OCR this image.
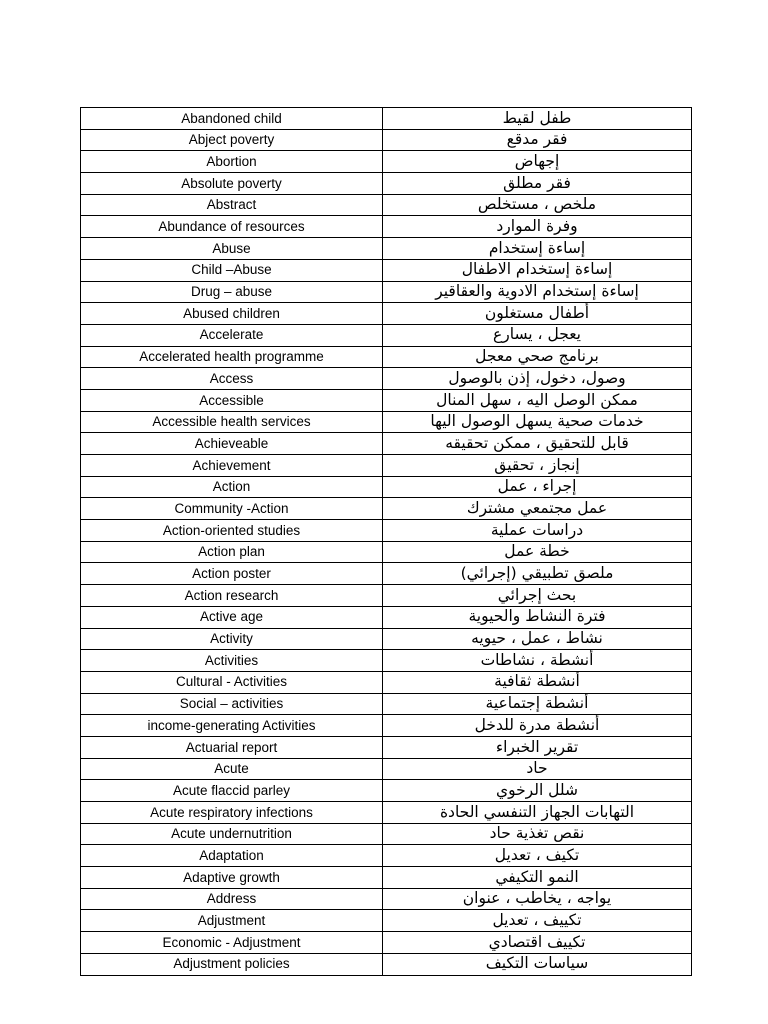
Abandoned child	طفل لقيط
Abject poverty	فقر مدقع
Abortion	إجهاض
Absolute poverty	فقر مطلق
Abstract	ملخص ، مستخلص
Abundance of resources	وفرة الموارد
Abuse	إساءة إستخدام
Child –Abuse	إساءة إستخدام الاطفال
Drug – abuse	إساءة إستخدام الادوية والعقاقير
Abused children	أطفال مستغلون
Accelerate	يعجل ، يسارع
Accelerated health programme	برنامج صحي معجل
Access	وصول، دخول، إذن بالوصول
Accessible	ممكن الوصل اليه ، سهل المنال
Accessible health services	خدمات صحية يسهل الوصول اليها
Achieveable	قابل للتحقيق ، ممكن تحقيقه
Achievement	إنجاز ، تحقيق
Action	إجراء ، عمل
Community -Action	عمل مجتمعي مشترك
Action-oriented studies	دراسات عملية
Action plan	خطة عمل
Action poster	ملصق تطبيقي (إجرائي)
Action research	بحث إجرائي
Active age	فترة النشاط والحيوية
Activity	نشاط ، عمل ، حيويه
Activities	أنشطة ، نشاطات
Cultural - Activities	أنشطة ثقافية
Social – activities	أنشطة إجتماعية
income-generating Activities	أنشطة مدرة للدخل
Actuarial report	تقرير الخبراء
Acute	حاد
Acute flaccid parley	شلل الرخوي
Acute respiratory infections	التهابات الجهاز التنفسي الحادة
Acute undernutrition	نقص تغذية حاد
Adaptation	تكيف ، تعديل
Adaptive growth	النمو التكيفي
Address	يواجه ، يخاطب ، عنوان
Adjustment	تكييف ، تعديل
Economic - Adjustment	تكييف اقتصادي
Adjustment policies	سياسات التكيف
